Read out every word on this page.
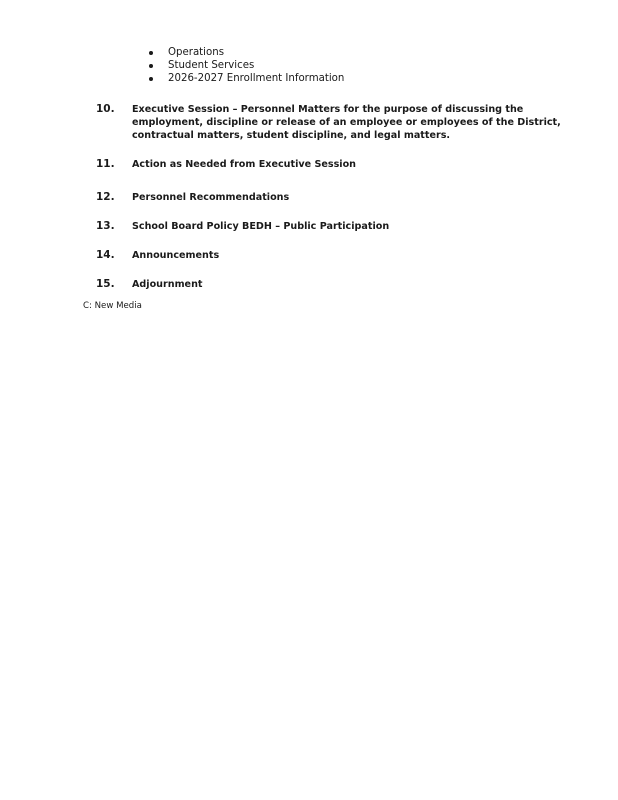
Operations
Student Services
2026-2027 Enrollment Information
10. Executive Session – Personnel Matters for the purpose of discussing the employment, discipline or release of an employee or employees of the District, contractual matters, student discipline, and legal matters.
11. Action as Needed from Executive Session
12. Personnel Recommendations
13. School Board Policy BEDH – Public Participation
14. Announcements
15. Adjournment
C: New Media
